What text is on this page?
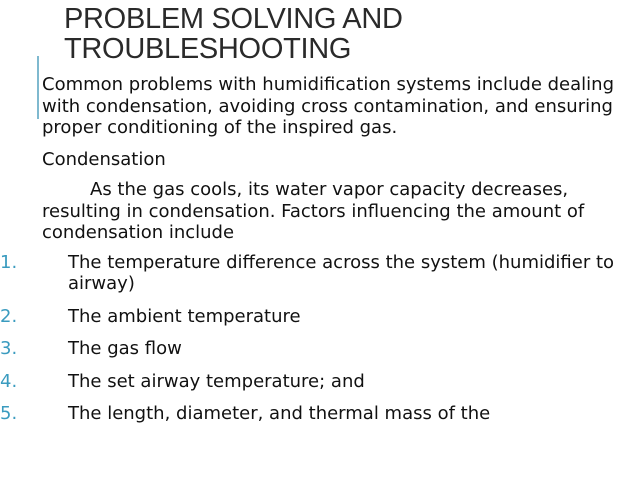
PROBLEM SOLVING AND
TROUBLESHOOTING

Common problems with humidification systems include dealing with condensation, avoiding cross contamination, and ensuring proper conditioning of the inspired gas.

Condensation

As the gas cools, its water vapor capacity decreases, resulting in condensation. Factors influencing the amount of condensation include

1.	The temperature difference across the system (humidifier to airway)
2.	The ambient temperature
3.	The gas flow
4.	The set airway temperature; and
5.	The length, diameter, and thermal mass of the
